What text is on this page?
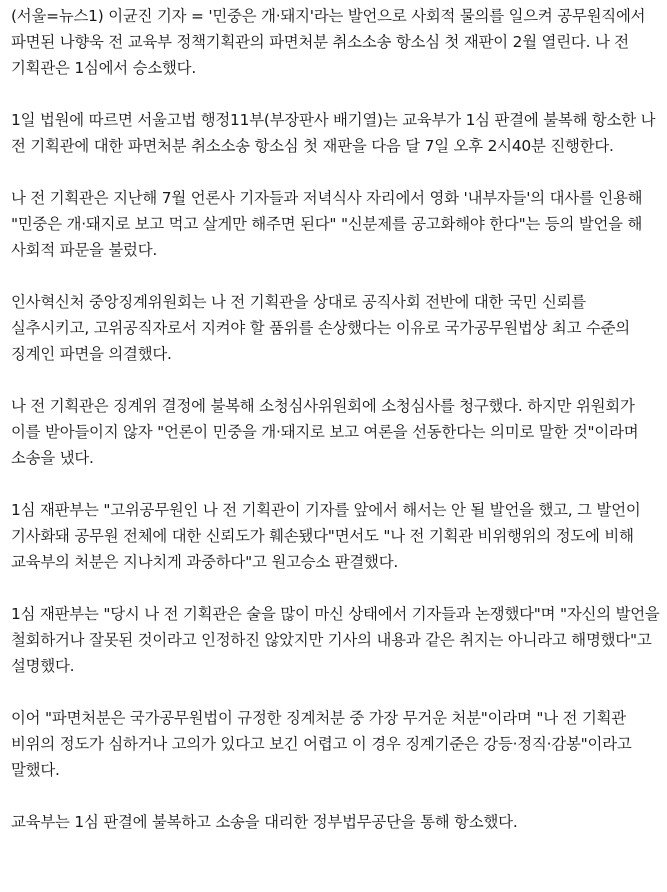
(서울=뉴스1) 이균진 기자 = '민중은 개·돼지'라는 발언으로 사회적 물의를 일으켜 공무원직에서 파면된 나향욱 전 교육부 정책기획관의 파면처분 취소소송 항소심 첫 재판이 2월 열린다. 나 전 기획관은 1심에서 승소했다.

1일 법원에 따르면 서울고법 행정11부(부장판사 배기열)는 교육부가 1심 판결에 불복해 항소한 나 전 기획관에 대한 파면처분 취소소송 항소심 첫 재판을 다음 달 7일 오후 2시40분 진행한다.

나 전 기획관은 지난해 7월 언론사 기자들과 저녁식사 자리에서 영화 '내부자들'의 대사를 인용해 "민중은 개·돼지로 보고 먹고 살게만 해주면 된다" "신분제를 공고화해야 한다"는 등의 발언을 해 사회적 파문을 불렀다.

인사혁신처 중앙징계위원회는 나 전 기획관을 상대로 공직사회 전반에 대한 국민 신뢰를 실추시키고, 고위공직자로서 지켜야 할 품위를 손상했다는 이유로 국가공무원법상 최고 수준의 징계인 파면을 의결했다.

나 전 기획관은 징계위 결정에 불복해 소청심사위원회에 소청심사를 청구했다. 하지만 위원회가 이를 받아들이지 않자 "언론이 민중을 개·돼지로 보고 여론을 선동한다는 의미로 말한 것"이라며 소송을 냈다.

1심 재판부는 "고위공무원인 나 전 기획관이 기자를 앞에서 해서는 안 될 발언을 했고, 그 발언이 기사화돼 공무원 전체에 대한 신뢰도가 훼손됐다"면서도 "나 전 기획관 비위행위의 정도에 비해 교육부의 처분은 지나치게 과중하다"고 원고승소 판결했다.

1심 재판부는 "당시 나 전 기획관은 술을 많이 마신 상태에서 기자들과 논쟁했다"며 "자신의 발언을 철회하거나 잘못된 것이라고 인정하진 않았지만 기사의 내용과 같은 취지는 아니라고 해명했다"고 설명했다.

이어 "파면처분은 국가공무원법이 규정한 징계처분 중 가장 무거운 처분"이라며 "나 전 기획관 비위의 정도가 심하거나 고의가 있다고 보긴 어렵고 이 경우 징계기준은 강등·정직·감봉"이라고 말했다.

교육부는 1심 판결에 불복하고 소송을 대리한 정부법무공단을 통해 항소했다.
